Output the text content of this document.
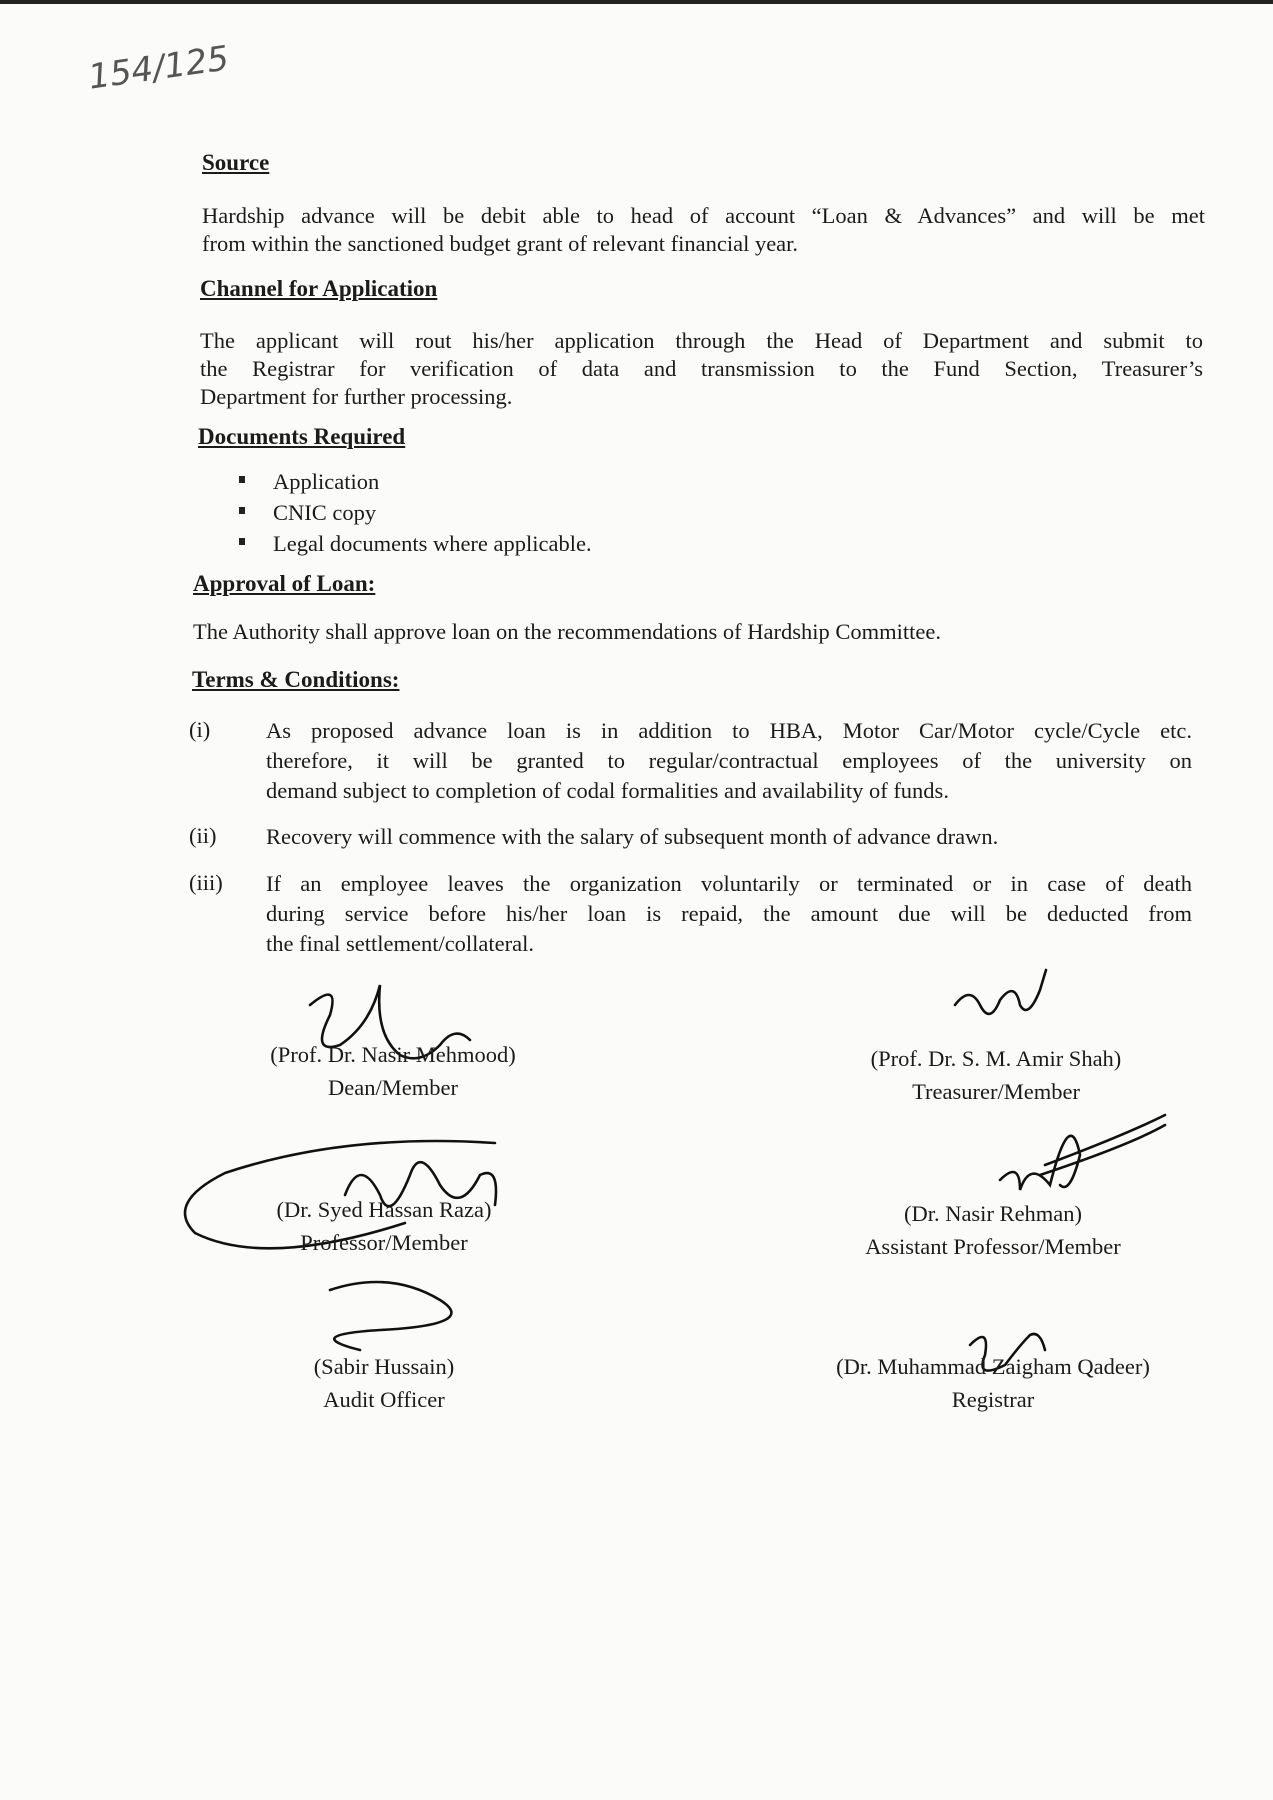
154/125
Source
Hardship advance will be debit able to head of account “Loan & Advances” and will be met
from within the sanctioned budget grant of relevant financial year.
Channel for Application
The applicant will rout his/her application through the Head of Department and submit to
the Registrar for verification of data and transmission to the Fund Section, Treasurer’s
Department for further processing.
Documents Required
Application
CNIC copy
Legal documents where applicable.
Approval of Loan:
The Authority shall approve loan on the recommendations of Hardship Committee.
Terms & Conditions:
(i) As proposed advance loan is in addition to HBA, Motor Car/Motor cycle/Cycle etc.
therefore, it will be granted to regular/contractual employees of the university on
demand subject to completion of codal formalities and availability of funds.
(ii) Recovery will commence with the salary of subsequent month of advance drawn.
(iii) If an employee leaves the organization voluntarily or terminated or in case of death
during service before his/her loan is repaid, the amount due will be deducted from
the final settlement/collateral.
(Prof. Dr. Nasir Mehmood)
Dean/Member
(Prof. Dr. S. M. Amir Shah)
Treasurer/Member
(Dr. Syed Hassan Raza)
Professor/Member
(Dr. Nasir Rehman)
Assistant Professor/Member
(Sabir Hussain)
Audit Officer
(Dr. Muhammad Zaigham Qadeer)
Registrar
